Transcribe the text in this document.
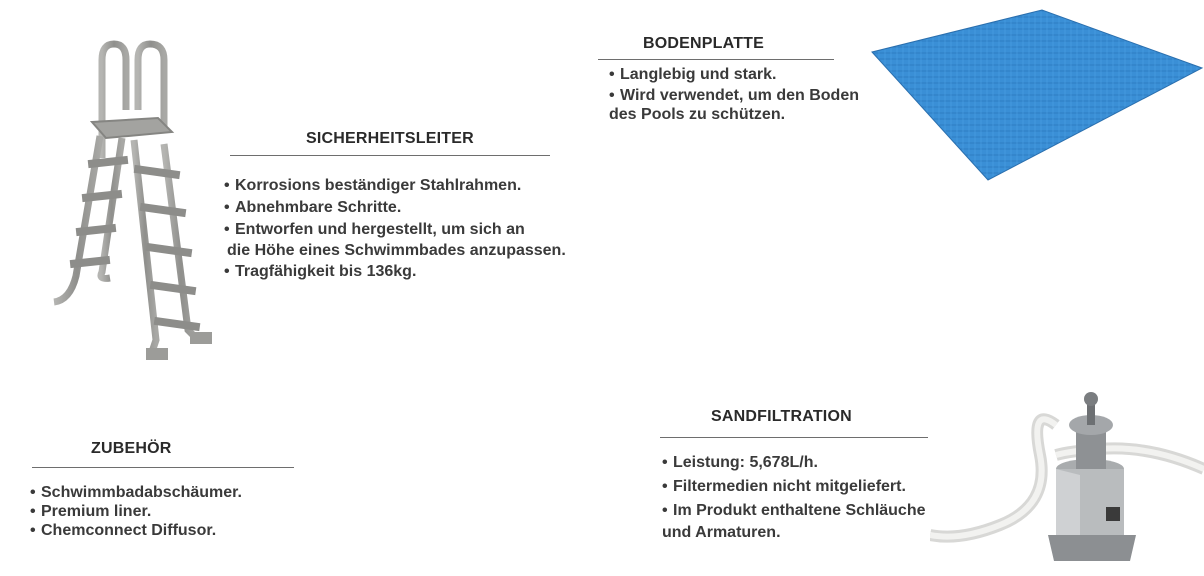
SICHERHEITSLEITER
• Korrosions beständiger Stahlrahmen.
• Abnehmbare Schritte.
• Entworfen und hergestellt, um sich an
die Höhe eines Schwimmbades anzupassen.
• Tragfähigkeit bis 136kg.
BODENPLATTE
• Langlebig und stark.
• Wird verwendet, um den Boden
des Pools zu schützen.
ZUBEHÖR
• Schwimmbadabschäumer.
• Premium liner.
• Chemconnect Diffusor.
SANDFILTRATION
• Leistung: 5,678L/h.
• Filtermedien nicht mitgeliefert.
• Im Produkt enthaltene Schläuche
und Armaturen.
